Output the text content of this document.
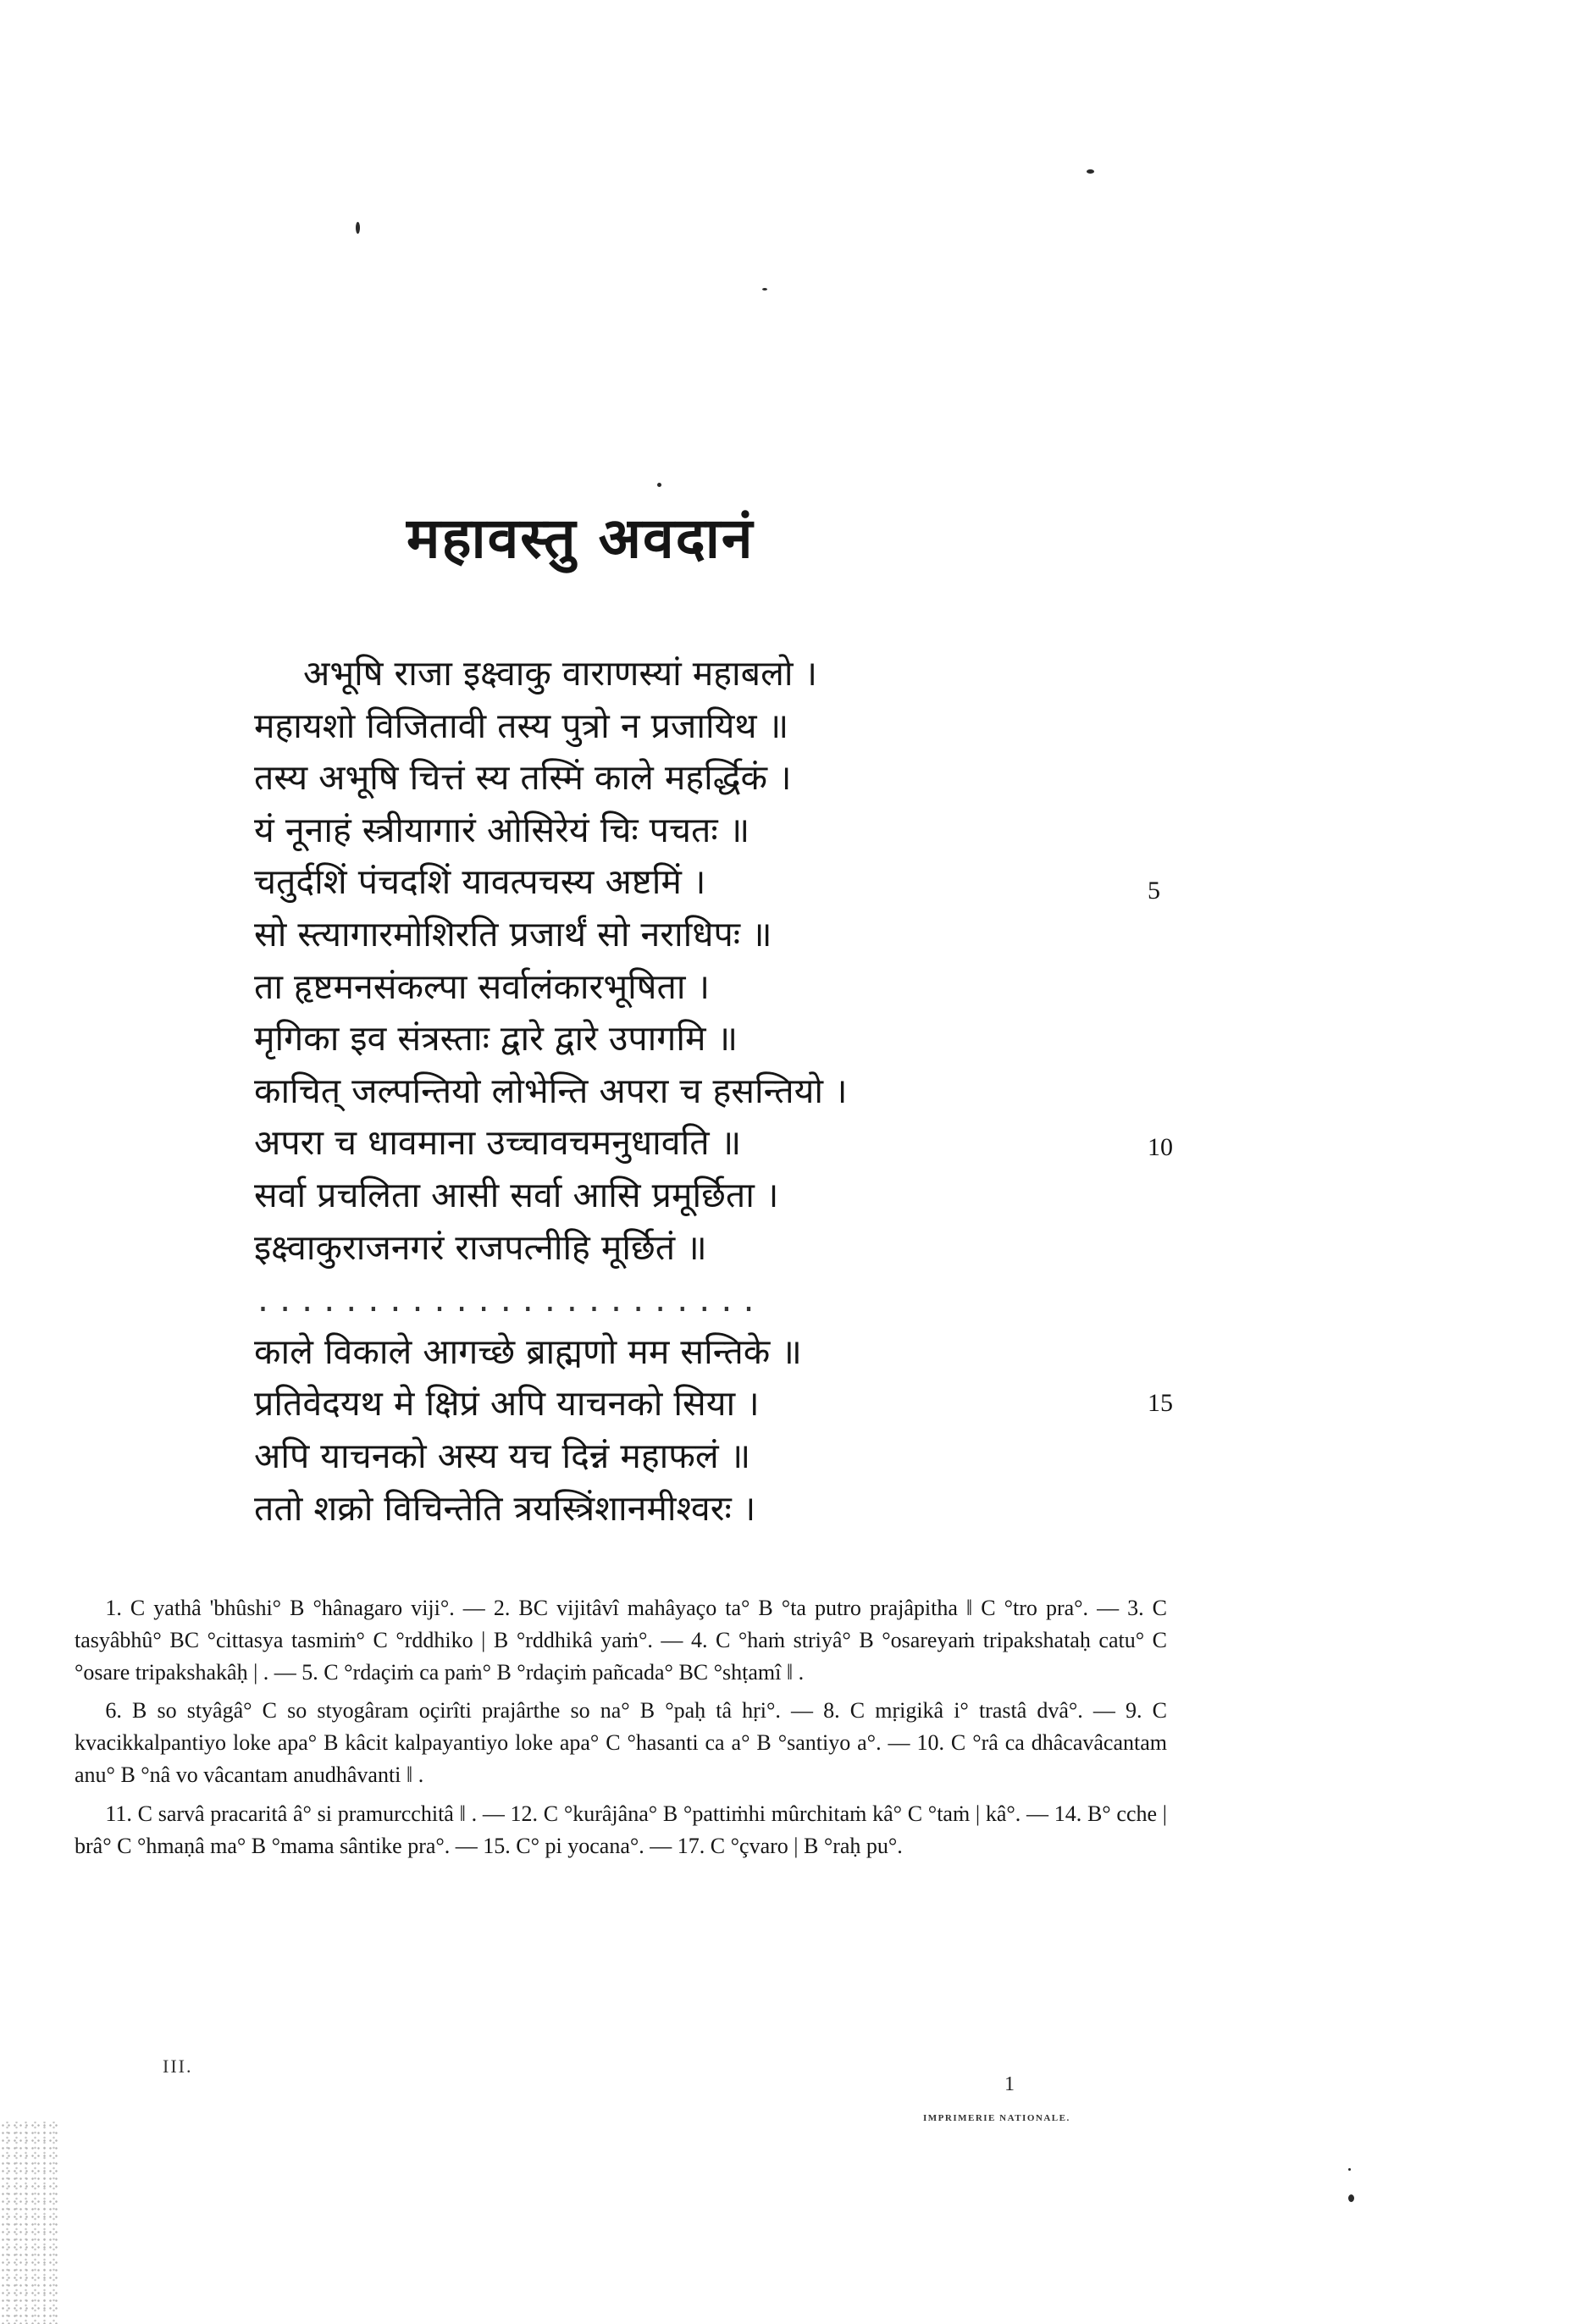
महावस्तु अवदानं
अभूषि राजा इक्ष्वाकु वाराणस्यां महाबलो ।
महायशो विजितावी तस्य पुत्रो न प्रजायिथ ॥
तस्य अभूषि चित्तं स्य तस्मिं काले महर्द्धिकं ।
यं नूनाहं स्त्रीयागारं ओसिरेयं चिः पचतः ॥
चतुर्दशिं पंचदशिं यावत्पचस्य अष्टमिं ।
सो स्त्यागारमोशिरति प्रजार्थं सो नराधिपः ॥
ता हृष्टमनसंकल्पा सर्वालंकारभूषिता ।
मृगिका इव संत्रस्ताः द्वारे द्वारे उपागमि ॥
काचित् जल्पन्तियो लोभेन्ति अपरा च हसन्तियो ।
अपरा च धावमाना उच्चावचमनुधावति ॥
सर्वा प्रचलिता आसी सर्वा आसि प्रमूर्छिता ।
इक्ष्वाकुराजनगरं राजपत्नीहि मूर्छितं ॥
. . . . . . . . . . . . . . . . . . . . . . .
काले विकाले आगच्छे ब्राह्मणो मम सन्तिके ॥
प्रतिवेदयथ मे क्षिप्रं अपि याचनको सिया ।
अपि याचनको अस्य यच दिन्नं महाफलं ॥
ततो शक्रो विचिन्तेति त्रयस्त्रिंशानमीश्वरः ।
5
10
15

1. C yathâ 'bhûshi° B °hânagaro viji°. — 2. BC vijitâvî mahâyaço ta° B °ta putro prajâpitha ‖ C °tro pra°. — 3. C tasyâbhû° BC °cittasya tasmiṁ° C °rddhiko | B °rddhikâ yaṁ°. — 4. C °haṁ striyâ° B °osareyaṁ tripakshataḥ catu° C °osare tripakshakâḥ | . — 5. C °rdaçiṁ ca paṁ° B °rdaçiṁ pañcada° BC °shṭamî ‖ .

6. B so styâgâ° C so styogâram oçirîti prajârthe so na° B °paḥ tâ hṛi°. — 8. C mṛigikâ i° trastâ dvâ°. — 9. C kvacikkalpantiyo loke apa° B kâcit kalpayantiyo loke apa° C °hasanti ca a° B °santiyo a°. — 10. C °râ ca dhâcavâcantam anu° B °nâ vo vâcantam anudhâvanti ‖ .

11. C sarvâ pracaritâ â° si pramurcchitâ ‖ . — 12. C °kurâjâna° B °pattiṁhi mûrchitaṁ kâ° C °taṁ | kâ°. — 14. B° cche | brâ° C °hmaṇâ ma° B °mama sântike pra°. — 15. C° pi yocana°. — 17. C °çvaro | B °raḥ pu°.

III.
1
IMPRIMERIE NATIONALE.
